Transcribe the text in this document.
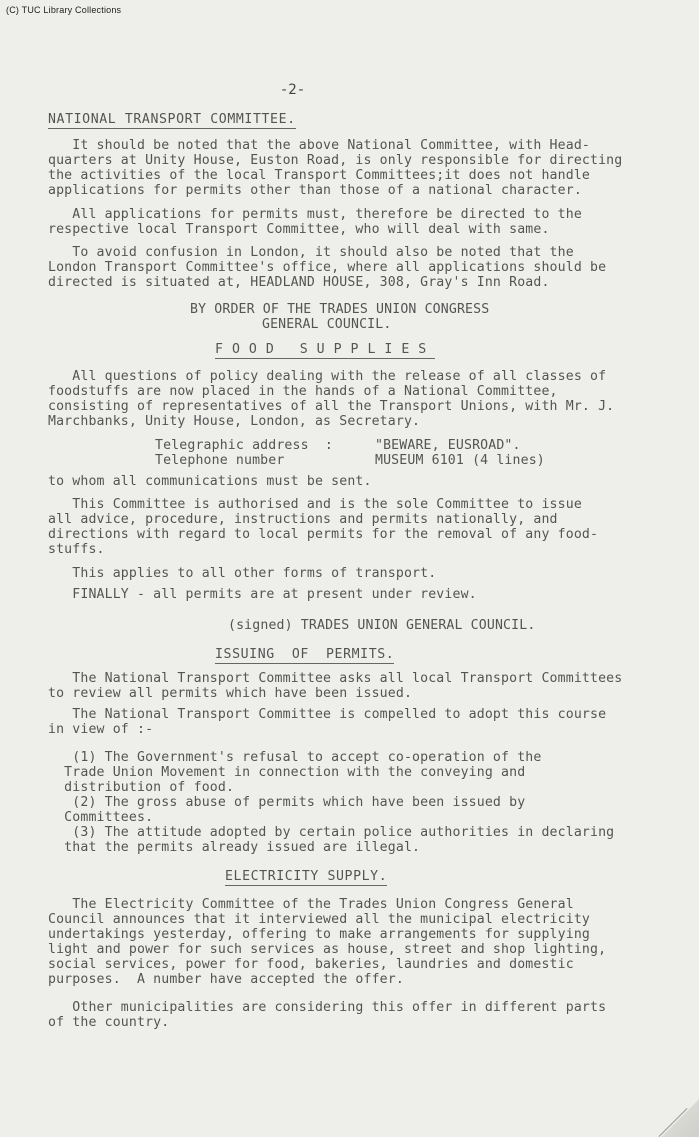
(C) TUC Library Collections
-2-
NATIONAL TRANSPORT COMMITTEE.
It should be noted that the above National Committee, with Head-
quarters at Unity House, Euston Road, is only responsible for directing
the activities of the local Transport Committees;it does not handle
applications for permits other than those of a national character.
All applications for permits must, therefore be directed to the
respective local Transport Committee, who will deal with same.
To avoid confusion in London, it should also be noted that the
London Transport Committee's office, where all applications should be
directed is situated at, HEADLAND HOUSE, 308, Gray's Inn Road.
BY ORDER OF THE TRADES UNION CONGRESS
GENERAL COUNCIL.
FOOD SUPPLIES
All questions of policy dealing with the release of all classes of
foodstuffs are now placed in the hands of a National Committee,
consisting of representatives of all the Transport Unions, with Mr. J.
Marchbanks, Unity House, London, as Secretary.
Telegraphic address  :	"BEWARE, EUSROAD".
Telephone number	MUSEUM 6101 (4 lines)
to whom all communications must be sent.
This Committee is authorised and is the sole Committee to issue
all advice, procedure, instructions and permits nationally, and
directions with regard to local permits for the removal of any food-
stuffs.
This applies to all other forms of transport.
FINALLY - all permits are at present under review.
(signed) TRADES UNION GENERAL COUNCIL.
ISSUING  OF  PERMITS.
The National Transport Committee asks all local Transport Committees
to review all permits which have been issued.
The National Transport Committee is compelled to adopt this course
in view of :-
(1) The Government's refusal to accept co-operation of the
Trade Union Movement in connection with the conveying and
distribution of food.
(2) The gross abuse of permits which have been issued by
Committees.
(3) The attitude adopted by certain police authorities in declaring
that the permits already issued are illegal.
ELECTRICITY SUPPLY.
The Electricity Committee of the Trades Union Congress General
Council announces that it interviewed all the municipal electricity
undertakings yesterday, offering to make arrangements for supplying
light and power for such services as house, street and shop lighting,
social services, power for food, bakeries, laundries and domestic
purposes.  A number have accepted the offer.
Other municipalities are considering this offer in different parts
of the country.
